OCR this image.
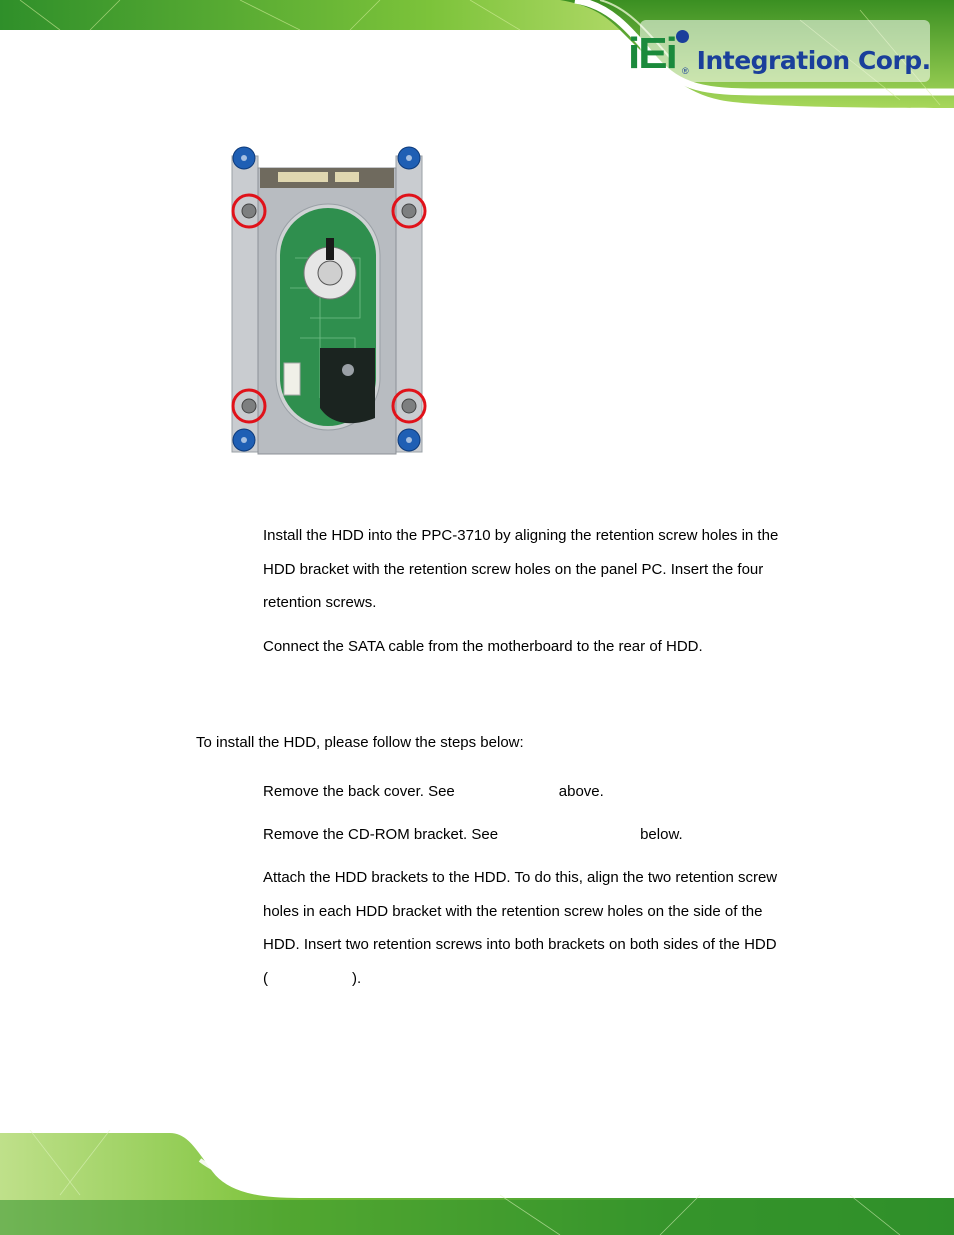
iEi ® Integration Corp.

Install the HDD into the PPC-3710 by aligning the retention screw holes in the
HDD bracket with the retention screw holes on the panel PC. Insert the four
retention screws.

Connect the SATA cable from the motherboard to the rear of HDD.

To install the HDD, please follow the steps below:

Remove the back cover. See	above.

Remove the CD-ROM bracket. See	below.

Attach the HDD brackets to the HDD. To do this, align the two retention screw
holes in each HDD bracket with the retention screw holes on the side of the
HDD. Insert two retention screws into both brackets on both sides of the HDD
(	).
